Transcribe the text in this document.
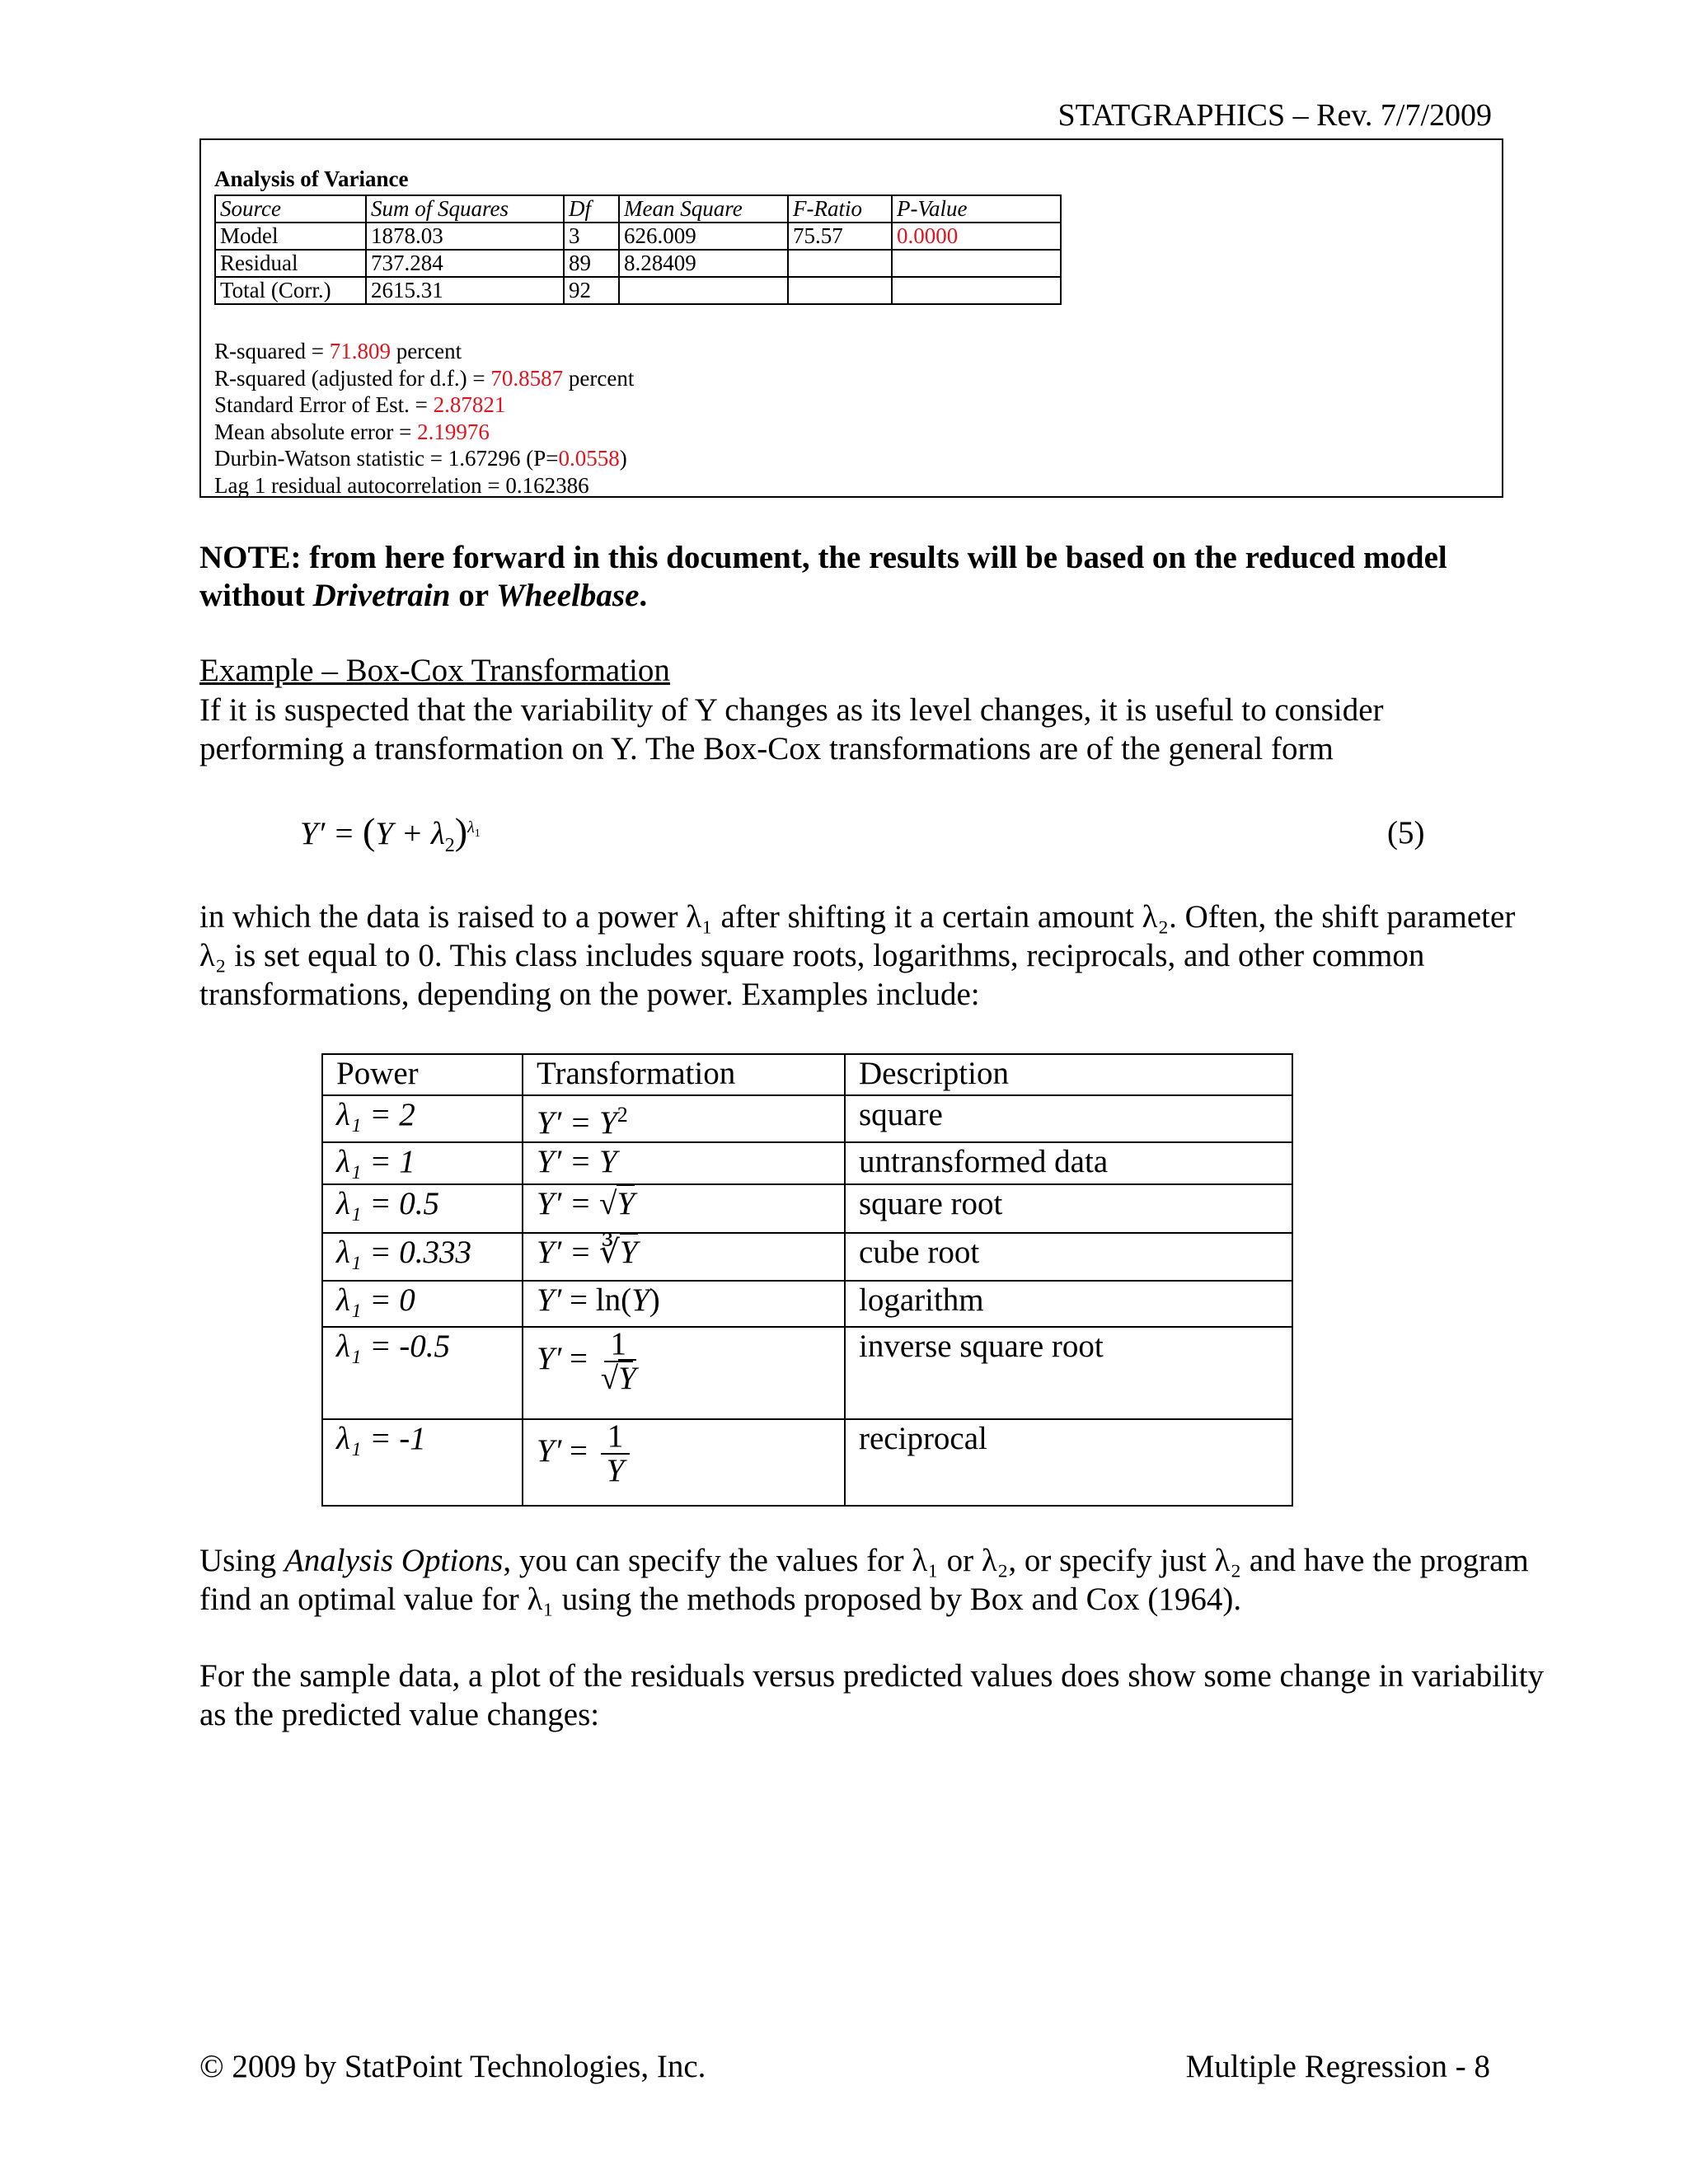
STATGRAPHICS – Rev. 7/7/2009
Analysis of Variance
Source	Sum of Squares	Df	Mean Square	F-Ratio	P-Value
Model	1878.03	3	626.009	75.57	0.0000
Residual	737.284	89	8.28409		
Total (Corr.)	2615.31	92			
R-squared = 71.809 percent
R-squared (adjusted for d.f.) = 70.8587 percent
Standard Error of Est. = 2.87821
Mean absolute error = 2.19976
Durbin-Watson statistic = 1.67296 (P=0.0558)
Lag 1 residual autocorrelation = 0.162386
NOTE: from here forward in this document, the results will be based on the reduced model without Drivetrain or Wheelbase.
Example – Box-Cox Transformation
If it is suspected that the variability of Y changes as its level changes, it is useful to consider performing a transformation on Y. The Box-Cox transformations are of the general form
$Y' = (Y + \lambda_2)^{\lambda_1}$	(5)
in which the data is raised to a power λ₁ after shifting it a certain amount λ₂. Often, the shift parameter λ₂ is set equal to 0. This class includes square roots, logarithms, reciprocals, and other common transformations, depending on the power. Examples include:
Power	Transformation	Description
λ₁ = 2	$Y' = Y^2$	square
λ₁ = 1	Y′ = Y	untransformed data
λ₁ = 0.5	Y′ = √Y	square root
λ₁ = 0.333	Y′ = ∛Y	cube root
λ₁ = 0	Y′ = ln(Y)	logarithm
λ₁ = -0.5	$Y' = \frac{1}{√Y}$	inverse square root
λ₁ = -1	$Y' = \frac{1}{Y}$	reciprocal
Using Analysis Options, you can specify the values for λ₁ or λ₂, or specify just λ₂ and have the program find an optimal value for λ₁ using the methods proposed by Box and Cox (1964).
For the sample data, a plot of the residuals versus predicted values does show some change in variability as the predicted value changes:
© 2009 by StatPoint Technologies, Inc.	Multiple Regression - 8
